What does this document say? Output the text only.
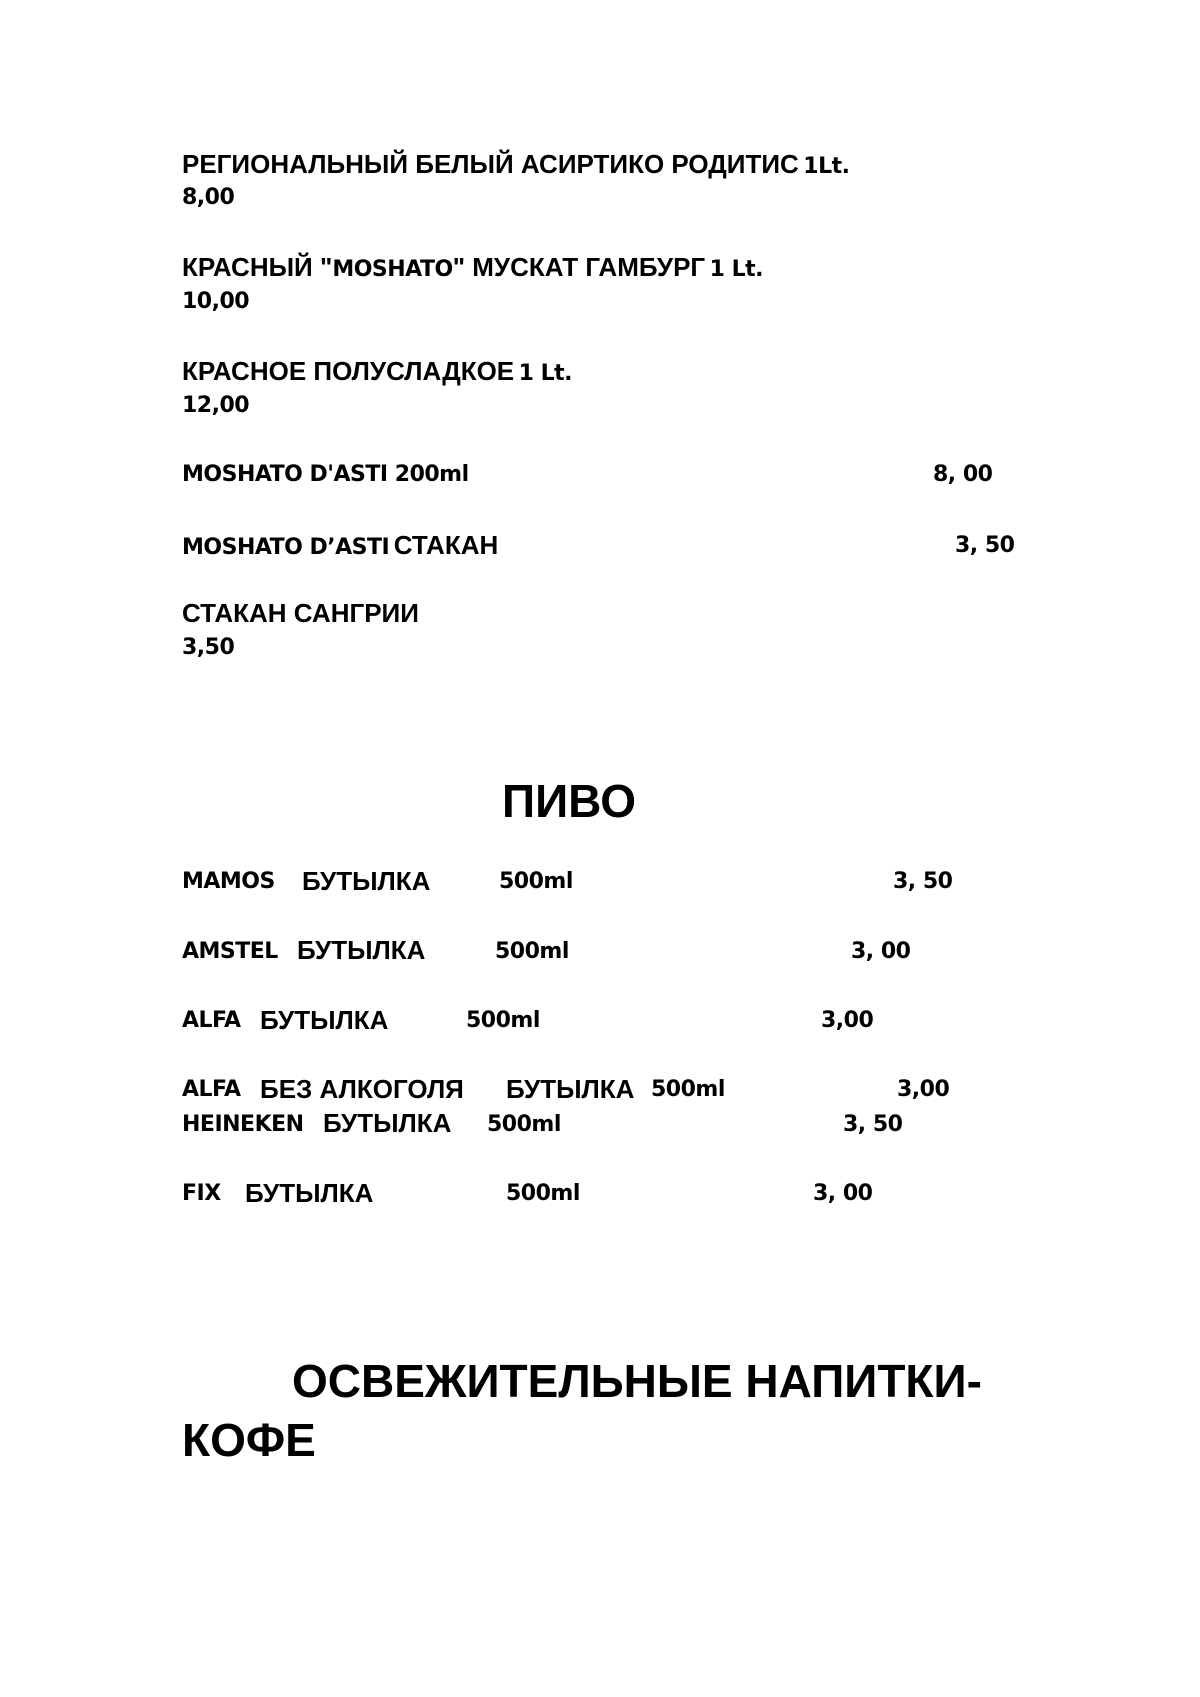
РЕГИОНАЛЬНЫЙ БЕЛЫЙ АСИРТИКО РОДИТИС 1Lt.
8,00
КРАСНЫЙ "MOSHATO" МУСКАТ ГАМБУРГ 1 Lt.
10,00
КРАСНОЕ ПОЛУСЛАДКОЕ 1 Lt.
12,00
MOSHATO D'ASTI 200ml	8, 00
MOSHATO D’ASTI СТАКАН	3, 50
СТАКАН САНГРИИ
3,50
ПИВО
MAMOS БУТЫЛКА	500ml	3, 50
AMSTEL БУТЫЛКА	500ml	3, 00
ALFA БУТЫЛКА	500ml	3,00
ALFA БЕЗ АЛКОГОЛЯ БУТЫЛКА 500ml	3,00
HEINEKEN БУТЫЛКА 500ml	3, 50
FIX БУТЫЛКА	500ml	3, 00
ОСВЕЖИТЕЛЬНЫЕ НАПИТКИ-
КОФЕ
